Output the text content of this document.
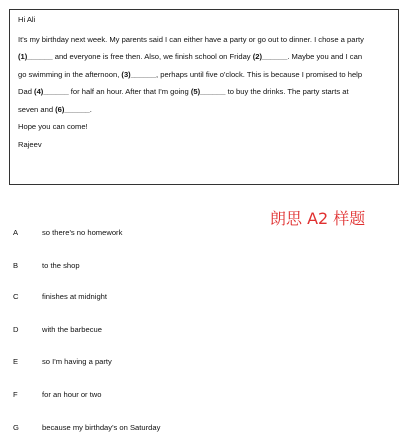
Hi Ali
It's my birthday next week. My parents said I can either have a party or go out to dinner. I chose a party
(1)______ and everyone is free then. Also, we finish school on Friday (2)______. Maybe you and I can
go swimming in the afternoon, (3)______, perhaps until five o'clock. This is because I promised to help
Dad (4)______ for half an hour. After that I'm going (5)______ to buy the drinks. The party starts at
seven and (6)______.
Hope you can come!
Rajeev
朗思 A2 样题
A	so there's no homework
B	to the shop
C	finishes at midnight
D	with the barbecue
E	so I'm having a party
F	for an hour or two
G	because my birthday's on Saturday
